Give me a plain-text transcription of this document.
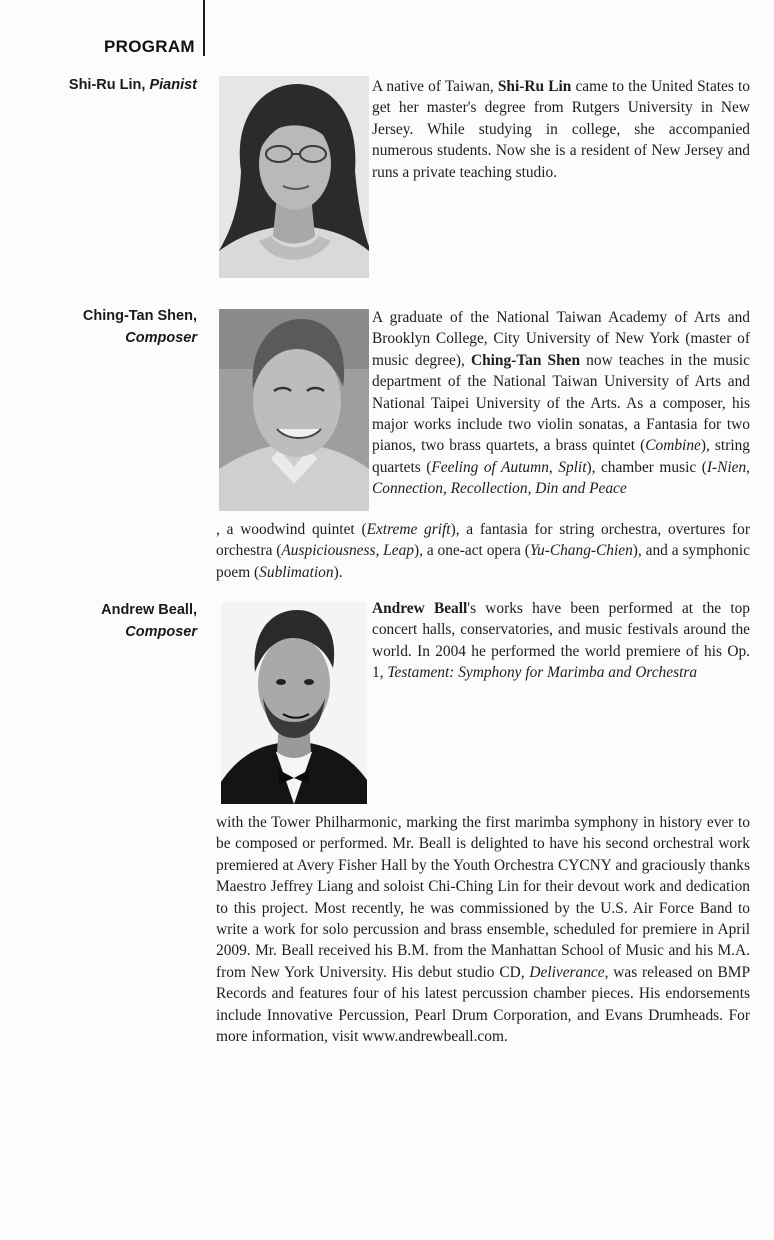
PROGRAM
Shi-Ru Lin, Pianist	A native of Taiwan, Shi-Ru Lin came to the United States to get her master's degree from Rutgers University in New Jersey. While studying in college, she accompanied numerous students. Now she is a resident of New Jersey and runs a private teaching studio.
Ching-Tan Shen,
Composer
A graduate of the National Taiwan Academy of Arts and Brooklyn College, City University of New York (master of music degree), Ching-Tan Shen now teaches in the music department of the National Taiwan University of Arts and National Taipei University of the Arts. As a composer, his major works include two violin sonatas, a Fantasia for two pianos, two brass quartets, a brass quintet (Combine), string quartets (Feeling of Autumn, Split), chamber music (I-Nien, Connection, Recollection, Din and Peace
, a woodwind quintet (Extreme grift), a fantasia for string orchestra, overtures for orchestra (Auspiciousness, Leap), a one-act opera (Yu-Chang-Chien), and a symphonic poem (Sublimation).
Andrew Beall,
Composer
Andrew Beall's works have been performed at the top concert halls, conservatories, and music festivals around the world. In 2004 he performed the world premiere of his Op. 1, Testament: Symphony for Marimba and Orchestra
with the Tower Philharmonic, marking the first marimba symphony in history ever to be composed or performed. Mr. Beall is delighted to have his second orchestral work premiered at Avery Fisher Hall by the Youth Orchestra CYCNY and graciously thanks Maestro Jeffrey Liang and soloist Chi-Ching Lin for their devout work and dedication to this project. Most recently, he was commissioned by the U.S. Air Force Band to write a work for solo percussion and brass ensemble, scheduled for premiere in April 2009. Mr. Beall received his B.M. from the Manhattan School of Music and his M.A. from New York University. His debut studio CD, Deliverance, was released on BMP Records and features four of his latest percussion chamber pieces. His endorsements include Innovative Percussion, Pearl Drum Corporation, and Evans Drumheads. For more information, visit www.andrewbeall.com.
